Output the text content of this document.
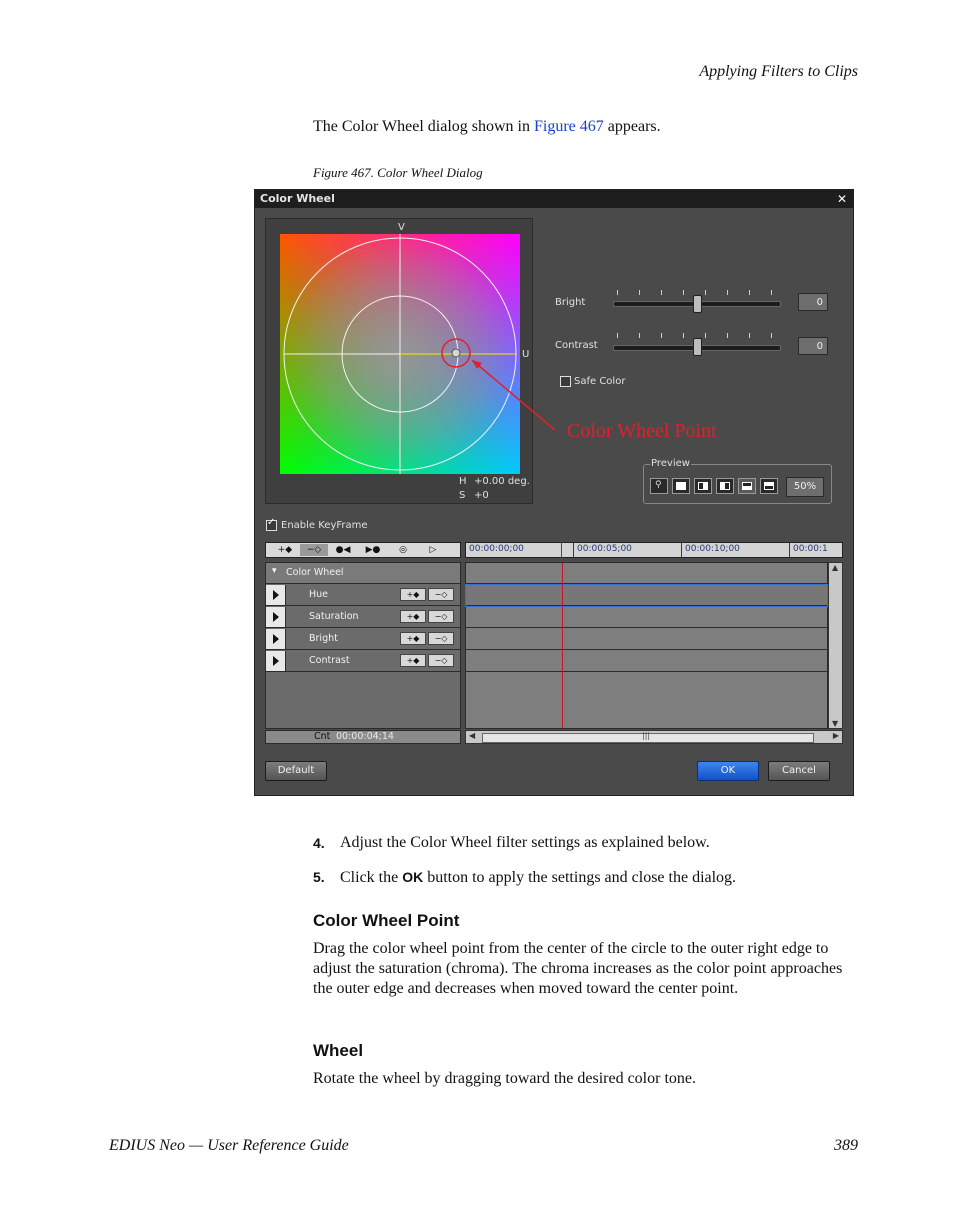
Applying Filters to Clips
The Color Wheel dialog shown in Figure 467 appears.
Figure 467. Color Wheel Dialog
Color Wheel	✕
V
U
H +0.00 deg.
S +0
Color Wheel Point
Bright	0
Contrast	0
Safe Color
Preview
⚲	50%
✓ Enable KeyFrame
+◆	−◇	●◀	▶●	◎	▷	00:00:00;00	00:00:05;00	00:00:10;00	00:00:1
▾ Color Wheel
Hue	+◆	−◇
Saturation	+◆	−◇
Bright	+◆	−◇
Contrast	+◆	−◇
▲
▼
Cnt 00:00:04;14	◀	|||	▶
Default	OK	Cancel
4. Adjust the Color Wheel filter settings as explained below.
5. Click the OK button to apply the settings and close the dialog.
Color Wheel Point
Drag the color wheel point from the center of the circle to the outer right edge to adjust the saturation (chroma). The chroma increases as the color point approaches the outer edge and decreases when moved toward the center point.
Wheel
Rotate the wheel by dragging toward the desired color tone.
EDIUS Neo — User Reference Guide	389
